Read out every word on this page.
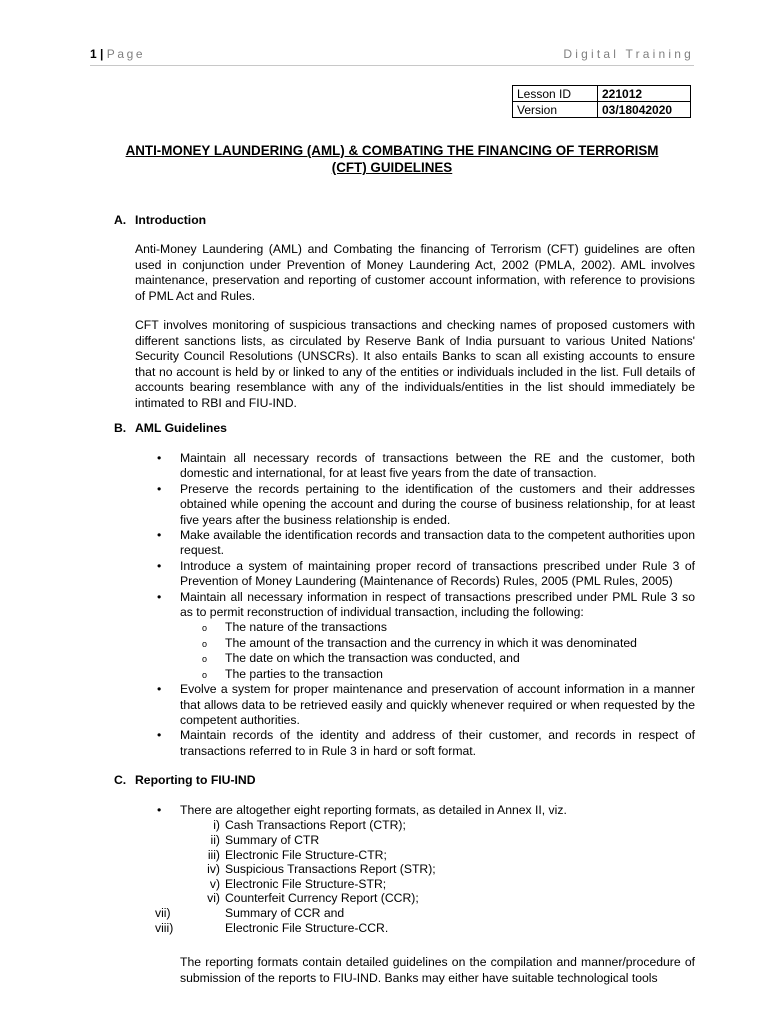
1 | Page	Digital Training
Lesson ID	221012
Version	03/18042020
ANTI-MONEY LAUNDERING (AML) & COMBATING THE FINANCING OF TERRORISM
(CFT) GUIDELINES
A. Introduction
Anti-Money Laundering (AML) and Combating the financing of Terrorism (CFT) guidelines are often used in conjunction under Prevention of Money Laundering Act, 2002 (PMLA, 2002). AML involves maintenance, preservation and reporting of customer account information, with reference to provisions of PML Act and Rules.
CFT involves monitoring of suspicious transactions and checking names of proposed customers with different sanctions lists, as circulated by Reserve Bank of India pursuant to various United Nations' Security Council Resolutions (UNSCRs). It also entails Banks to scan all existing accounts to ensure that no account is held by or linked to any of the entities or individuals included in the list. Full details of accounts bearing resemblance with any of the individuals/entities in the list should immediately be intimated to RBI and FIU-IND.
B. AML Guidelines
• Maintain all necessary records of transactions between the RE and the customer, both domestic and international, for at least five years from the date of transaction.
• Preserve the records pertaining to the identification of the customers and their addresses obtained while opening the account and during the course of business relationship, for at least five years after the business relationship is ended.
• Make available the identification records and transaction data to the competent authorities upon request.
• Introduce a system of maintaining proper record of transactions prescribed under Rule 3 of Prevention of Money Laundering (Maintenance of Records) Rules, 2005 (PML Rules, 2005)
• Maintain all necessary information in respect of transactions prescribed under PML Rule 3 so as to permit reconstruction of individual transaction, including the following:
o The nature of the transactions
o The amount of the transaction and the currency in which it was denominated
o The date on which the transaction was conducted, and
o The parties to the transaction
• Evolve a system for proper maintenance and preservation of account information in a manner that allows data to be retrieved easily and quickly whenever required or when requested by the competent authorities.
• Maintain records of the identity and address of their customer, and records in respect of transactions referred to in Rule 3 in hard or soft format.
C. Reporting to FIU-IND
• There are altogether eight reporting formats, as detailed in Annex II, viz.
i) Cash Transactions Report (CTR);
ii) Summary of CTR
iii) Electronic File Structure-CTR;
iv) Suspicious Transactions Report (STR);
v) Electronic File Structure-STR;
vi) Counterfeit Currency Report (CCR);
vii)	Summary of CCR and
viii)	Electronic File Structure-CCR.
The reporting formats contain detailed guidelines on the compilation and manner/procedure of submission of the reports to FIU-IND. Banks may either have suitable technological tools
